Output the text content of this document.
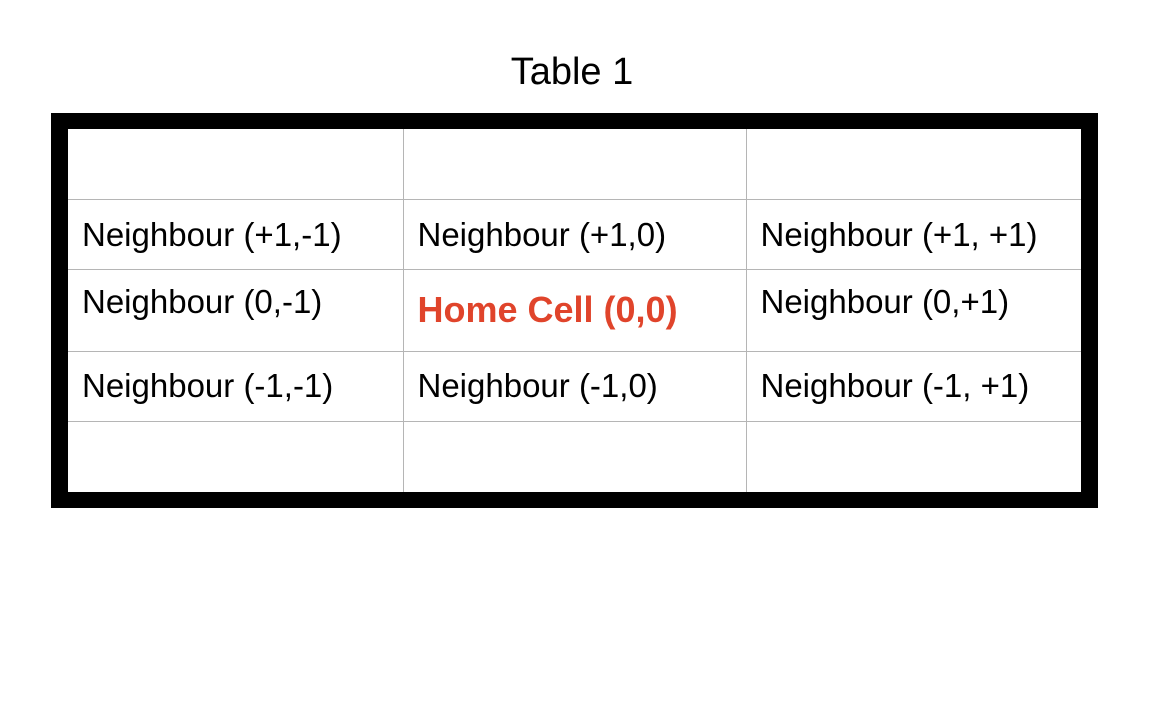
Table 1

Neighbour (+1,-1)	Neighbour (+1,0)	Neighbour (+1, +1)

Neighbour (0,-1)	Home Cell (0,0)	Neighbour (0,+1)

Neighbour (-1,-1)	Neighbour (-1,0)	Neighbour (-1, +1)
